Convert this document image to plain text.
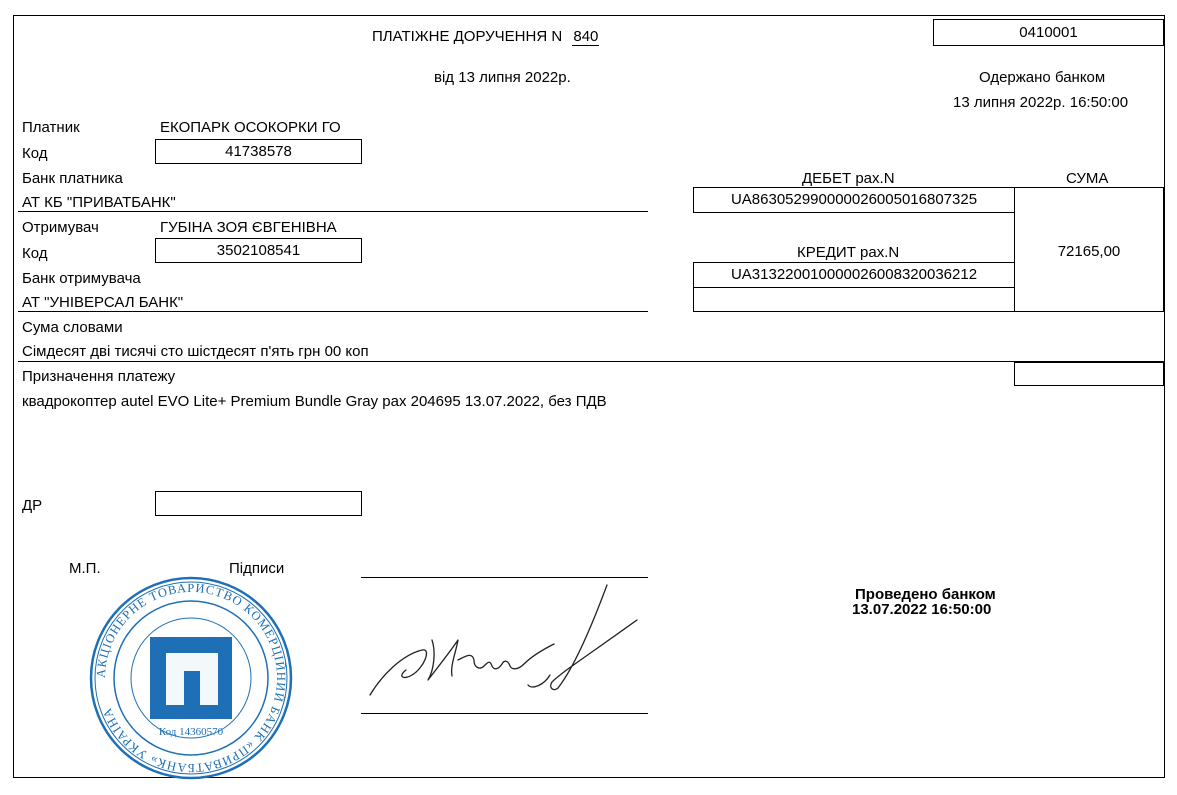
ПЛАТІЖНЕ ДОРУЧЕННЯ N 840	0410001
від 13 липня 2022р.	Одержано банком
13 липня 2022р. 16:50:00
Платник	ЕКОПАРК ОСОКОРКИ ГО
Код	41738578
Банк платника
АТ КБ "ПРИВАТБАНК"
Отримувач	ГУБІНА ЗОЯ ЄВГЕНІВНА
Код	3502108541
Банк отримувача
АТ "УНІВЕРСАЛ БАНК"
ДЕБЕТ рах.N	СУМА
UA863052990000026005016807325
72165,00
КРЕДИТ рах.N
UA313220010000026008320036212
Сума словами
Сімдесят дві тисячі сто шістдесят п'ять грн 00 коп
Призначення платежу
квадрокоптер autel EVO Lite+ Premium Bundle Gray рах 204695 13.07.2022, без ПДВ
ДР
М.П.	Підписи
АКЦІОНЕРНЕ ТОВАРИСТВО КОМЕРЦІЙНИЙ БАНК «ПРИВАТБАНК» УКРАЇНА
Код 14360570
Проведено банком
13.07.2022 16:50:00
